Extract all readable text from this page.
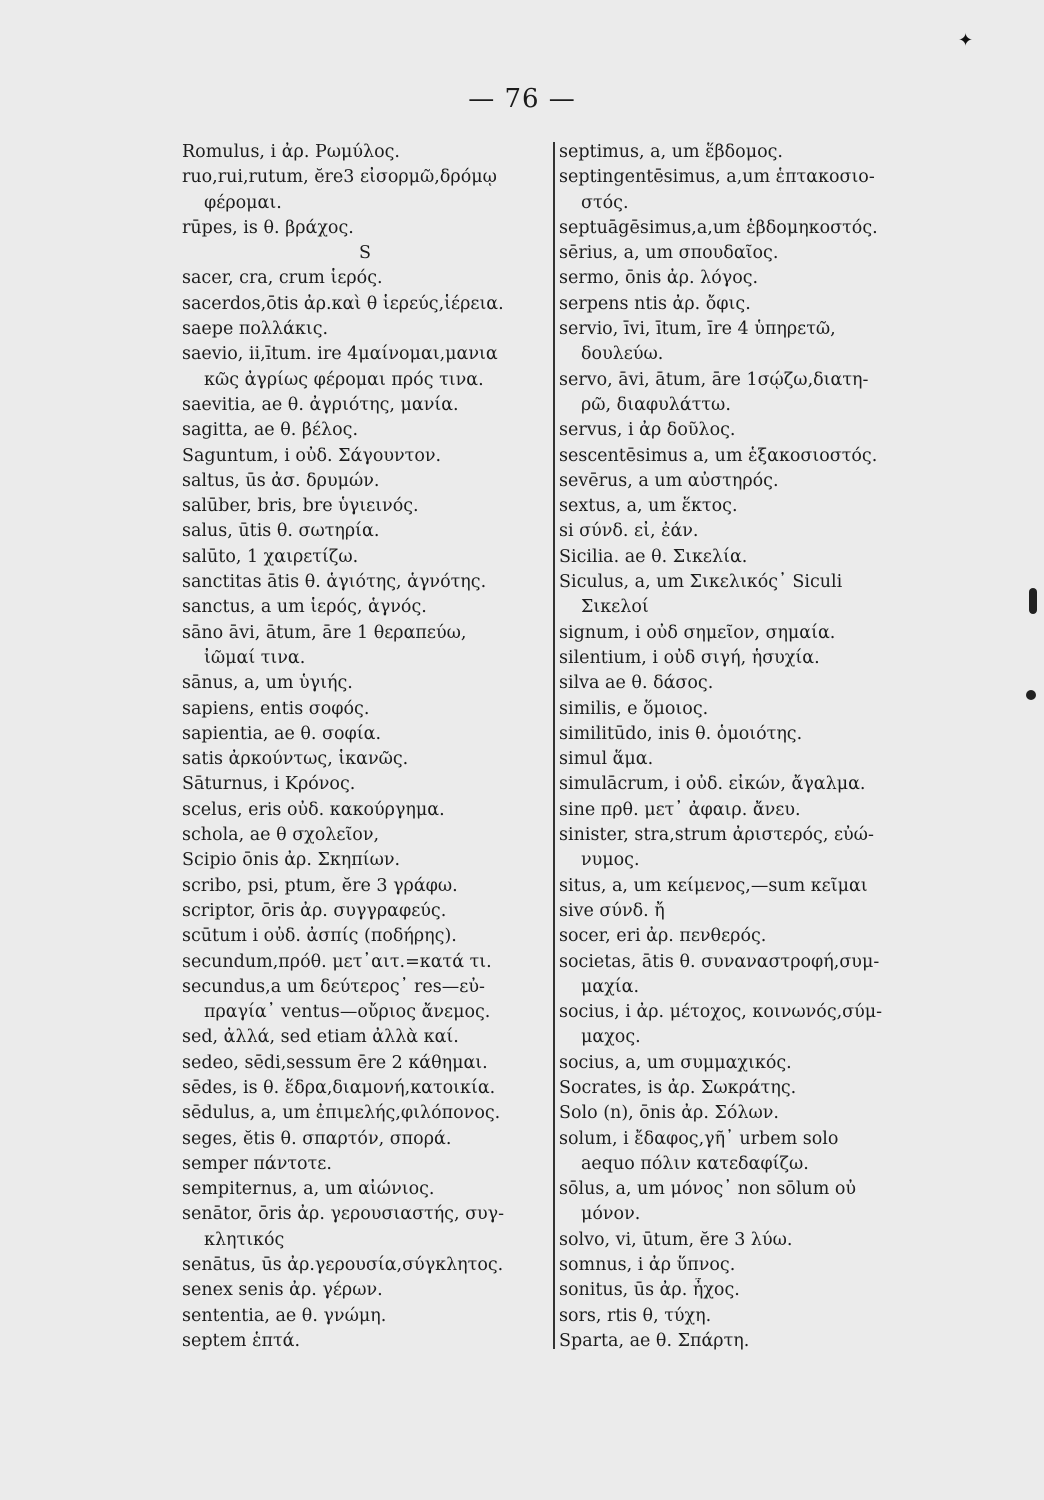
✦
— 76 —
Romulus, i ἀρ. Ρωμύλος.
ruo,rui,rutum, ĕre3 εἰσορμῶ,δρόμῳ
φέρομαι.
rūpes, is θ. βράχος.
S
sacer, cra, crum ἱερός.
sacerdos,ōtis ἀρ.καὶ θ ἱερεύς,ἱέρεια.
saepe πολλάκις.
saevio, ii,ītum. ire 4μαίνομαι,μανια
κῶς ἀγρίως φέρομαι πρός τινα.
saevitia, ae θ. ἀγριότης, μανία.
sagitta, ae θ. βέλος.
Saguntum, i οὐδ. Σάγουντον.
saltus, ūs ἀσ. δρυμών.
salūber, bris, bre ὑγιεινός.
salus, ūtis θ. σωτηρία.
salūto, 1 χαιρετίζω.
sanctitas ātis θ. ἁγιότης, ἁγνότης.
sanctus, a um ἱερός, ἁγνός.
sāno āvi, ātum, āre 1 θεραπεύω,
ἰῶμαί τινα.
sānus, a, um ὑγιής.
sapiens, entis σοφός.
sapientia, ae θ. σοφία.
satis ἀρκούντως, ἱκανῶς.
Sāturnus, i Κρόνος.
scelus, eris οὐδ. κακούργημα.
schola, ae θ σχολεῖον,
Scipio ōnis ἀρ. Σκηπίων.
scribo, psi, ptum, ĕre 3 γράφω.
scriptor, ōris ἀρ. συγγραφεύς.
scūtum i οὐδ. ἀσπίς (ποδήρης).
secundum,πρόθ. μετ᾽αιτ.=κατά τι.
secundus,a um δεύτερος᾽ res—εὐ-
πραγία᾽ ventus—οὔριος ἄνεμος.
sed, ἀλλά, sed etiam ἀλλὰ καί.
sedeo, sēdi,sessum ēre 2 κάθημαι.
sēdes, is θ. ἕδρα,διαμονή,κατοικία.
sēdulus, a, um ἐπιμελής,φιλόπονος.
seges, ĕtis θ. σπαρτόν, σπορά.
semper πάντοτε.
sempiternus, a, um αἰώνιος.
senātor, ōris ἀρ. γερουσιαστής, συγ-
κλητικός
senātus, ūs ἀρ.γερουσία,σύγκλητος.
senex senis ἀρ. γέρων.
sententia, ae θ. γνώμη.
septem ἑπτά.
septimus, a, um ἕβδομος.
septingentēsimus, a,um ἑπτακοσιο-
στός.
septuāgēsimus,a,um ἑβδομηκοστός.
sērius, a, um σπουδαῖος.
sermo, ōnis ἀρ. λόγος.
serpens ntis ἀρ. ὄφις.
servio, īvi, ītum, īre 4 ὑπηρετῶ,
δουλεύω.
servo, āvi, ātum, āre 1σῴζω,διατη-
ρῶ, διαφυλάττω.
servus, i ἀρ δοῦλος.
sescentēsimus a, um ἑξακοσιοστός.
sevērus, a um αὐστηρός.
sextus, a, um ἕκτος.
si σύνδ. εἰ, ἐάν.
Sicilia. ae θ. Σικελία.
Siculus, a, um Σικελικός᾽ Siculi
Σικελοί
signum, i οὐδ σημεῖον, σημαία.
silentium, i οὐδ σιγή, ἡσυχία.
silva ae θ. δάσος.
similis, e ὅμοιος.
similitūdo, inis θ. ὁμοιότης.
simul ἅμα.
simulācrum, i οὐδ. εἰκών, ἄγαλμα.
sine πρθ. μετ᾽ ἀφαιρ. ἄνευ.
sinister, stra,strum ἀριστερός, εὐώ-
νυμος.
situs, a, um κείμενος,—sum κεῖμαι
sive σύνδ. ἤ
socer, eri ἀρ. πενθερός.
societas, ātis θ. συναναστροφή,συμ-
μαχία.
socius, i ἀρ. μέτοχος, κοινωνός,σύμ-
μαχος.
socius, a, um συμμαχικός.
Socrates, is ἀρ. Σωκράτης.
Solo (n), ōnis ἀρ. Σόλων.
solum, i ἔδαφος,γῆ᾽ urbem solo
aequo πόλιν κατεδαφίζω.
sōlus, a, um μόνος᾽ non sōlum οὐ
μόνον.
solvo, vi, ūtum, ĕre 3 λύω.
somnus, i ἀρ ὕπνος.
sonitus, ūs ἀρ. ἦχος.
sors, rtis θ, τύχη.
Sparta, ae θ. Σπάρτη.
